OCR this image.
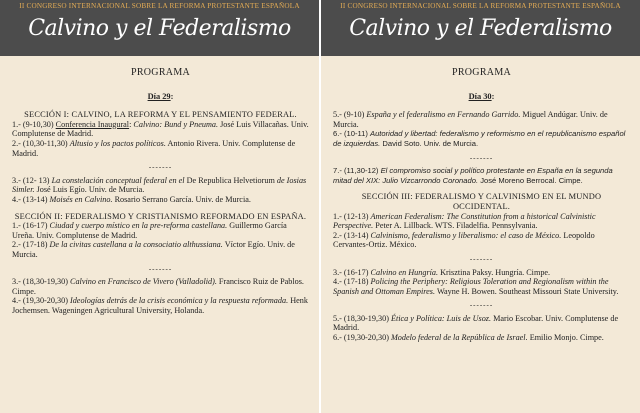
II CONGRESO INTERNACIONAL SOBRE LA REFORMA PROTESTANTE ESPAÑOLA
Calvino y el Federalismo
PROGRAMA
Día 29:
SECCIÓN I: CALVINO, LA REFORMA Y EL PENSAMIENTO FEDERAL.
1.- (9-10,30) Conferencia Inaugural: Calvino: Bund y Pneuma. José Luis Villacañas. Univ. Complutense de Madrid.
2.- (10,30-11,30) Altusio y los pactos políticos. Antonio Rivera. Univ. Complutense de Madrid.
-------
3.- (12- 13) La constelación conceptual federal en el De Republica Helvetiorum de Iosias Simler. José Luis Egío. Univ. de Murcia.
4.- (13-14) Moisés en Calvino. Rosario Serrano García. Univ. de Murcia.
SECCIÓN II: FEDERALISMO Y CRISTIANISMO REFORMADO EN ESPAÑA.
1.- (16-17) Ciudad y cuerpo místico en la pre-reforma castellana. Guillermo García Ureña. Univ. Complutense de Madrid.
2.- (17-18) De la civitas castellana a la consociatio althussiana. Víctor Egío. Univ. de Murcia.
-------
3.- (18,30-19,30) Calvino en Francisco de Vivero (Valladolid). Francisco Ruiz de Pablos. Cimpe.
4.- (19,30-20,30) Ideologías detrás de la crisis económica y la respuesta reformada. Henk Jochemsen. Wageningen Agricultural University, Holanda.
II CONGRESO INTERNACIONAL SOBRE LA REFORMA PROTESTANTE ESPAÑOLA
Calvino y el Federalismo
PROGRAMA
Día 30:
5.- (9-10) España y el federalismo en Fernando Garrido. Miguel Andúgar. Univ. de Murcia.
6.- (10-11) Autoridad y libertad: federalismo y reformismo en el republicanismo español de izquierdas. David Soto. Univ. de Murcia.
-------
7.- (11,30-12) El compromiso social y político protestante en España en la segunda mitad del XIX: Julio Vizcarrondo Coronado. José Moreno Berrocal. Cimpe.
SECCIÓN III: FEDERALISMO Y CALVINISMO EN EL MUNDO OCCIDENTAL.
1.- (12-13) American Federalism: The Constitution from a historical Calvinistic Perspective. Peter A. Lillback. WTS. Filadelfia. Pennsylvania.
2.- (13-14) Calvinismo, federalismo y liberalismo: el caso de México. Leopoldo Cervantes-Ortiz. México.
-------
3.- (16-17) Calvino en Hungría. Krisztina Paksy. Hungría. Cimpe.
4.- (17-18) Policing the Periphery: Religious Toleration and Regionalism within the Spanish and Ottoman Empires. Wayne H. Bowen. Southeast Missouri State University.
-------
5.- (18,30-19,30) Ética y Política: Luis de Usoz. Mario Escobar. Univ. Complutense de Madrid.
6.- (19,30-20,30) Modelo federal de la República de Israel. Emilio Monjo. Cimpe.
